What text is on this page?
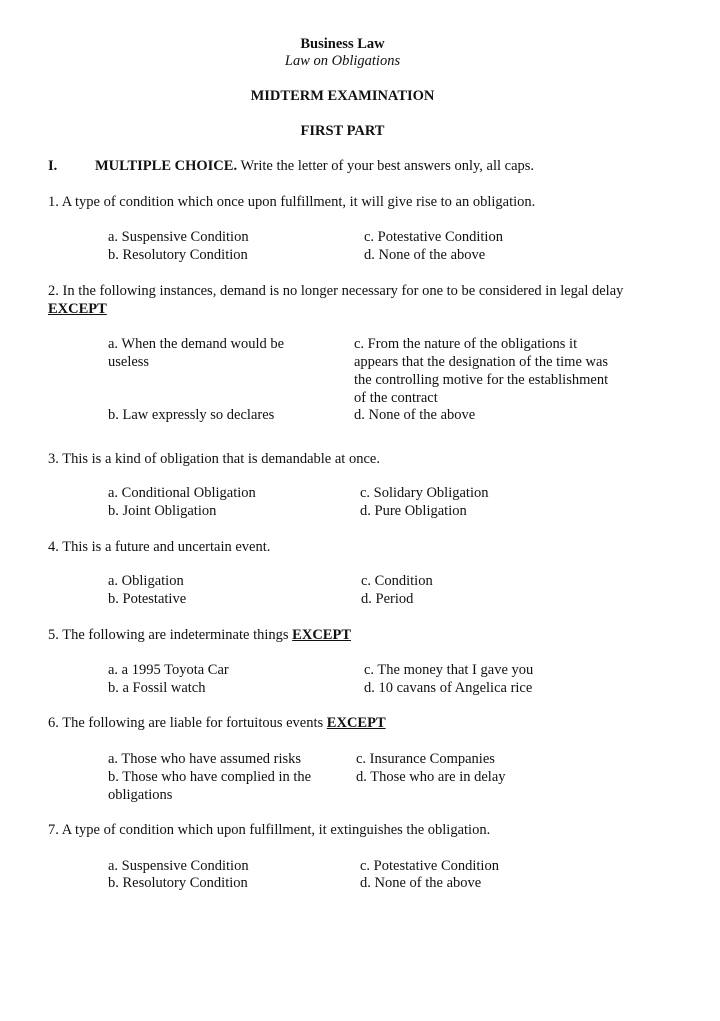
Business Law
Law on Obligations
MIDTERM EXAMINATION
FIRST PART
I.	MULTIPLE CHOICE. Write the letter of your best answers only, all caps.
1. A type of condition which once upon fulfillment, it will give rise to an obligation.
a. Suspensive Condition
b. Resolutory Condition
c. Potestative Condition
d. None of the above
2. In the following instances, demand is no longer necessary for one to be considered in legal delay EXCEPT
a. When the demand would be useless
b. Law expressly so declares
c. From the nature of the obligations it appears that the designation of the time was the controlling motive for the establishment of the contract
d. None of the above
3. This is a kind of obligation that is demandable at once.
a. Conditional Obligation
b. Joint Obligation
c. Solidary Obligation
d. Pure Obligation
4. This is a future and uncertain event.
a. Obligation
b. Potestative
c. Condition
d. Period
5. The following are indeterminate things EXCEPT
a. a 1995 Toyota Car
b. a Fossil watch
c. The money that I gave you
d. 10 cavans of Angelica rice
6. The following are liable for fortuitous events EXCEPT
a. Those who have assumed risks
b. Those who have complied in the obligations
c. Insurance Companies
d. Those who are in delay
7. A type of condition which upon fulfillment, it extinguishes the obligation.
a. Suspensive Condition
b. Resolutory Condition
c. Potestative Condition
d. None of the above
